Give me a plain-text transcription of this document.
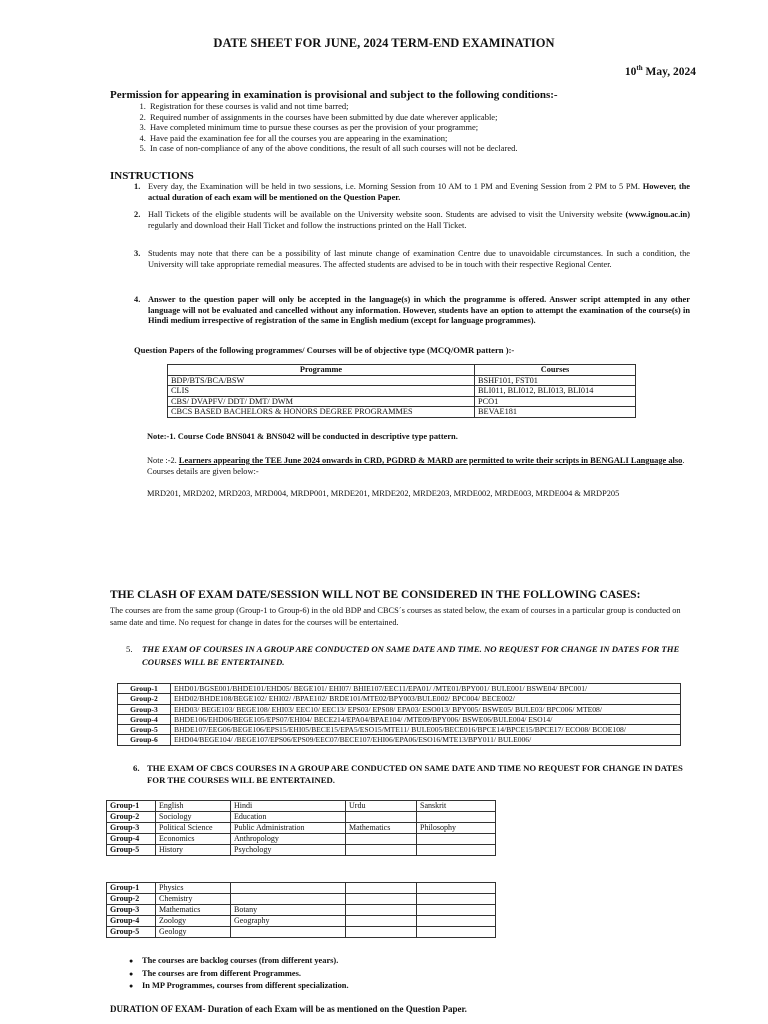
DATE SHEET FOR JUNE, 2024 TERM-END EXAMINATION
10th May, 2024
Permission for appearing in examination is provisional and subject to the following conditions:-
1. Registration for these courses is valid and not time barred;
2. Required number of assignments in the courses have been submitted by due date wherever applicable;
3. Have completed minimum time to pursue these courses as per the provision of your programme;
4. Have paid the examination fee for all the courses you are appearing in the examination;
5. In case of non-compliance of any of the above conditions, the result of all such courses will not be declared.
INSTRUCTIONS
1. Every day, the Examination will be held in two sessions, i.e. Morning Session from 10 AM to 1 PM and Evening Session from 2 PM to 5 PM. However, the actual duration of each exam will be mentioned on the Question Paper.
2. Hall Tickets of the eligible students will be available on the University website soon. Students are advised to visit the University website (www.ignou.ac.in) regularly and download their Hall Ticket and follow the instructions printed on the Hall Ticket.
3. Students may note that there can be a possibility of last minute change of examination Centre due to unavoidable circumstances. In such a condition, the University will take appropriate remedial measures. The affected students are advised to be in touch with their respective Regional Center.
4. Answer to the question paper will only be accepted in the language(s) in which the programme is offered. Answer script attempted in any other language will not be evaluated and cancelled without any information. However, students have an option to attempt the examination of the course(s) in Hindi medium irrespective of registration of the same in English medium (except for language programmes).
Question Papers of the following programmes/ Courses will be of objective type (MCQ/OMR pattern ):-
Programme	Courses
BDP/BTS/BCA/BSW	BSHF101, FST01
CLIS	BLI011, BLI012, BLI013, BLI014
CBS/ DVAPFV/ DDT/ DMT/ DWM	PCO1
CBCS BASED BACHELORS & HONORS DEGREE PROGRAMMES	BEVAE181
Note:-1. Course Code BNS041 & BNS042 will be conducted in descriptive type pattern.
Note :-2. Learners appearing the TEE June 2024 onwards in CRD, PGDRD & MARD are permitted to write their scripts in BENGALI Language also. Courses details are given below:-
MRD201, MRD202, MRD203, MRD004, MRDP001, MRDE201, MRDE202, MRDE203, MRDE002, MRDE003, MRDE004 & MRDP205
THE CLASH OF EXAM DATE/SESSION WILL NOT BE CONSIDERED IN THE FOLLOWING CASES:
The courses are from the same group (Group-1 to Group-6) in the old BDP and CBCS´s courses as stated below, the exam of courses in a particular group is conducted on same date and time. No request for change in dates for the courses will be entertained.
5. THE EXAM OF COURSES IN A GROUP ARE CONDUCTED ON SAME DATE AND TIME. NO REQUEST FOR CHANGE IN DATES FOR THE COURSES WILL BE ENTERTAINED.
Group-1	EHD01/BGSE001/BHDE101/EHD05/ BEGE101/ EHI07/ BHIE107/EEC11/EPA01/ /MTE01/BPY001/ BULE001/ BSWE04/ BPC001/
Group-2	EHD02/BHDE108/BEGE102/ EHI02/ /BPAE102/ BRDE101/MTE02/BPY003/BULE002/ BPC004/ BECE002/
Group-3	EHD03/ BEGE103/ BEGE108/ EHI03/ EEC10/ EEC13/ EPS03/ EPS08/ EPA03/ ESO013/ BPY005/ BSWE05/ BULE03/ BPC006/ MTE08/
Group-4	BHDE106/EHD06/BEGE105/EPS07/EHI04/ BECE214/EPA04/BPAE104/ /MTE09/BPY006/ BSWE06/BULE004/ ESO14/
Group-5	BHDE107/EEG06/BEGE106/EPS15/EHI05/BECE15/EPA5/ESO15/MTE11/ BULE005/BECE016/BPCE14/BPCE15/BPCE17/ ECO08/ BCOE108/
Group-6	EHD04/BEGE104/ /BEGE107/EPS06/EPS09/EEC07/BECE107/EHI06/EPA06/ESO16/MTE13/BPY011/ BULE006/
6. THE EXAM OF CBCS COURSES IN A GROUP ARE CONDUCTED ON SAME DATE AND TIME NO REQUEST FOR CHANGE IN DATES FOR THE COURSES WILL BE ENTERTAINED.
Group-1	English	Hindi	Urdu	Sanskrit
Group-2	Sociology	Education		
Group-3	Political Science	Public Administration	Mathematics	Philosophy
Group-4	Economics	Anthropology		
Group-5	History	Psychology		
Group-1	Physics			
Group-2	Chemistry			
Group-3	Mathematics	Botany		
Group-4	Zoology	Geography		
Group-5	Geology			
● The courses are backlog courses (from different years).
● The courses are from different Programmes.
● In MP Programmes, courses from different specialization.
DURATION OF EXAM- Duration of each Exam will be as mentioned on the Question Paper.
